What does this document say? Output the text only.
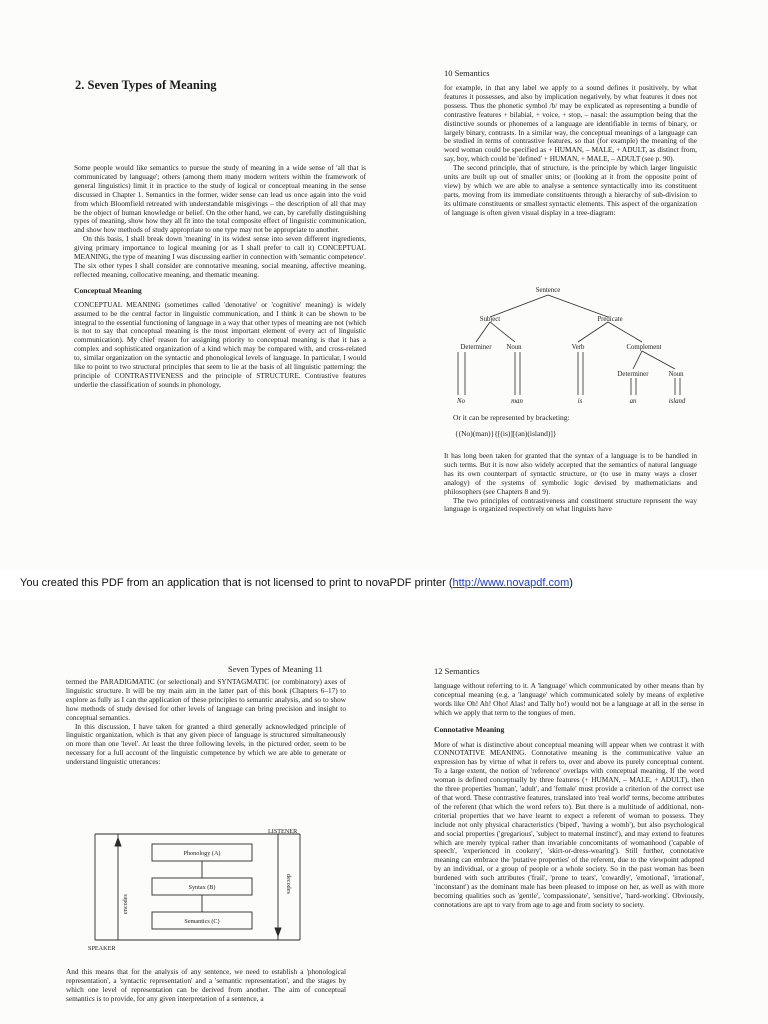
2. Seven Types of Meaning

Some people would like semantics to pursue the study of meaning in a wide sense of 'all that is communicated by language'; others (among them many modern writers within the framework of general linguistics) limit it in practice to the study of logical or conceptual meaning in the sense discussed in Chapter 1. Semantics in the former, wider sense can lead us once again into the void from which Bloomfield retreated with understandable misgivings – the description of all that may be the object of human knowledge or belief. On the other hand, we can, by carefully distinguishing types of meaning, show how they all fit into the total composite effect of linguistic communication, and show how methods of study appropriate to one type may not be appropriate to another.

On this basis, I shall break down 'meaning' in its widest sense into seven different ingredients, giving primary importance to logical meaning (or as I shall prefer to call it) CONCEPTUAL MEANING, the type of meaning I was discussing earlier in connection with 'semantic competence'. The six other types I shall consider are connotative meaning, social meaning, affective meaning, reflected meaning, collocative meaning, and thematic meaning.

Conceptual Meaning

CONCEPTUAL MEANING (sometimes called 'denotative' or 'cognitive' meaning) is widely assumed to be the central factor in linguistic communication, and I think it can be shown to be integral to the essential functioning of language in a way that other types of meaning are not (which is not to say that conceptual meaning is the most important element of every act of linguistic communication). My chief reason for assigning priority to conceptual meaning is that it has a complex and sophisticated organization of a kind which may be compared with, and cross-related to, similar organization on the syntactic and phonological levels of language. In particular, I would like to point to two structural principles that seem to lie at the basis of all linguistic patterning: the principle of CONTRASTIVENESS and the principle of STRUCTURE. Contrastive features underlie the classification of sounds in phonology,

10 Semantics

for example, in that any label we apply to a sound defines it positively, by what features it possesses, and also by implication negatively, by what features it does not possess. Thus the phonetic symbol /b/ may be explicated as representing a bundle of contrastive features + bilabial, + voice, + stop, – nasal: the assumption being that the distinctive sounds or phonemes of a language are identifiable in terms of binary, or largely binary, contrasts. In a similar way, the conceptual meanings of a language can be studied in terms of contrastive features, so that (for example) the meaning of the word woman could be specified as + HUMAN, – MALE, + ADULT, as distinct from, say, boy, which could be 'defined' + HUMAN, + MALE, – ADULT (see p. 90).

The second principle, that of structure, is the principle by which larger linguistic units are built up out of smaller units; or (looking at it from the opposite point of view) by which we are able to analyse a sentence syntactically into its constituent parts, moving from its immediate constituents through a hierarchy of sub-division to its ultimate constituents or smallest syntactic elements. This aspect of the organization of language is often given visual display in a tree-diagram:

Sentence
Subject	Predicate
Determiner Noun	Verb	Complement
Determiner	Noun
No	man	is	an	island
Or it can be represented by bracketing:
{(No)(man)}{[(is)][(an)(island)]}

It has long been taken for granted that the syntax of a language is to be handled in such terms. But it is now also widely accepted that the semantics of natural language has its own counterpart of syntactic structure, or (to use in many ways a closer analogy) of the systems of symbolic logic devised by mathematicians and philosophers (see Chapters 8 and 9).

The two principles of contrastiveness and constituent structure represent the way language is organized respectively on what linguists have

You created this PDF from an application that is not licensed to print to novaPDF printer (http://www.novapdf.com)
Seven Types of Meaning 11

termed the PARADIGMATIC (or selectional) and SYNTAGMATIC (or combinatory) axes of linguistic structure. It will be my main aim in the latter part of this book (Chapters 6–17) to explore as fully as I can the application of these principles to semantic analysis, and so to show how methods of study devised for other levels of language can bring precision and insight to conceptual semantics.

In this discussion, I have taken for granted a third generally acknowledged principle of linguistic organization, which is that any given piece of language is structured simultaneously on more than one 'level'. At least the three following levels, in the pictured order, seem to be necessary for a full account of the linguistic competence by which we are able to generate or understand linguistic utterances:

LISTENER
SPEAKER
encodes
decodes
Phonology (A)
Syntax (B)
Semantics (C)

And this means that for the analysis of any sentence, we need to establish a 'phonological representation', a 'syntactic representation' and a 'semantic representation', and the stages by which one level of representation can be derived from another. The aim of conceptual semantics is to provide, for any given interpretation of a sentence, a

12 Semantics

language without referring to it. A 'language' which communicated by other means than by conceptual meaning (e.g. a 'language' which communicated solely by means of expletive words like Oh! Ah! Oho! Alas! and Tally ho!) would not be a language at all in the sense in which we apply that term to the tongues of men.

Connotative Meaning

More of what is distinctive about conceptual meaning will appear when we contrast it with CONNOTATIVE MEANING. Connotative meaning is the communicative value an expression has by virtue of what it refers to, over and above its purely conceptual content. To a large extent, the notion of 'reference' overlaps with conceptual meaning. If the word woman is defined conceptually by three features (+ HUMAN, – MALE, + ADULT), then the three properties 'human', 'adult', and 'female' must provide a criterion of the correct use of that word. These contrastive features, translated into 'real world' terms, become attributes of the referent (that which the word refers to). But there is a multitude of additional, non-criterial properties that we have learnt to expect a referent of woman to possess. They include not only physical characteristics ('biped', 'having a womb'), but also psychological and social properties ('gregarious', 'subject to maternal instinct'), and may extend to features which are merely typical rather than invariable concomitants of womanhood ('capable of speech', 'experienced in cookery', 'skirt-or-dress-wearing'). Still further, connotative meaning can embrace the 'putative properties' of the referent, due to the viewpoint adopted by an individual, or a group of people or a whole society. So in the past woman has been burdened with such attributes ('frail', 'prone to tears', 'cowardly', 'emotional', 'irrational', 'inconstant') as the dominant male has been pleased to impose on her, as well as with more becoming qualities such as 'gentle', 'compassionate', 'sensitive', 'hard-working'. Obviously, connotations are apt to vary from age to age and from society to society.
